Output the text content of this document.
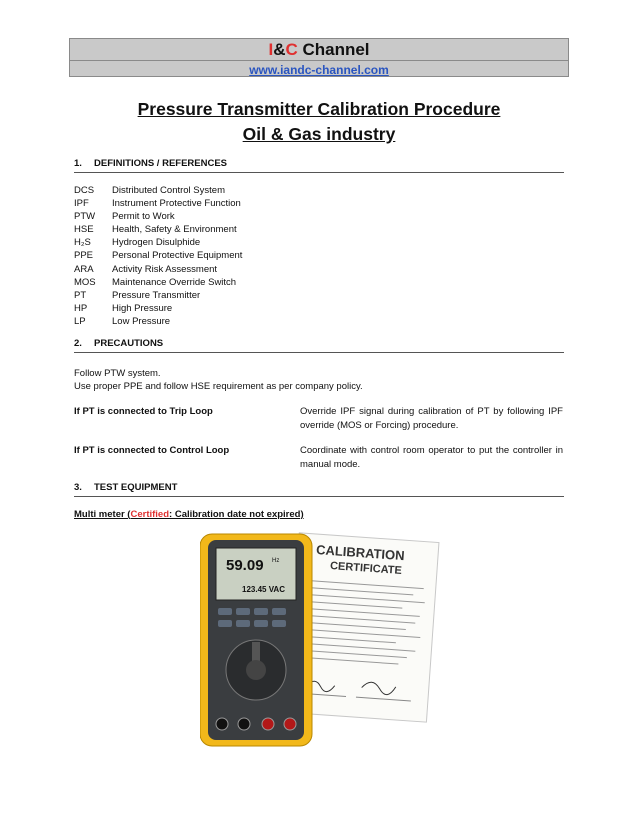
I&C Channel
www.iandc-channel.com
Pressure Transmitter Calibration Procedure
Oil & Gas industry
1. DEFINITIONS / REFERENCES
DCS	Distributed Control System
IPF	Instrument Protective Function
PTW	Permit to Work
HSE	Health, Safety & Environment
H₂S	Hydrogen Disulphide
PPE	Personal Protective Equipment
ARA	Activity Risk Assessment
MOS	Maintenance Override Switch
PT	Pressure Transmitter
HP	High Pressure
LP	Low Pressure
2. PRECAUTIONS
Follow PTW system.
Use proper PPE and follow HSE requirement as per company policy.
If PT is connected to Trip Loop	Override IPF signal during calibration of PT by following IPF override (MOS or Forcing) procedure.
If PT is connected to Control Loop	Coordinate with control room operator to put the controller in manual mode.
3. TEST EQUIPMENT
Multi meter (Certified: Calibration date not expired)
CALIBRATION
CERTIFICATE
59.09 Hz
123.45 VAC
